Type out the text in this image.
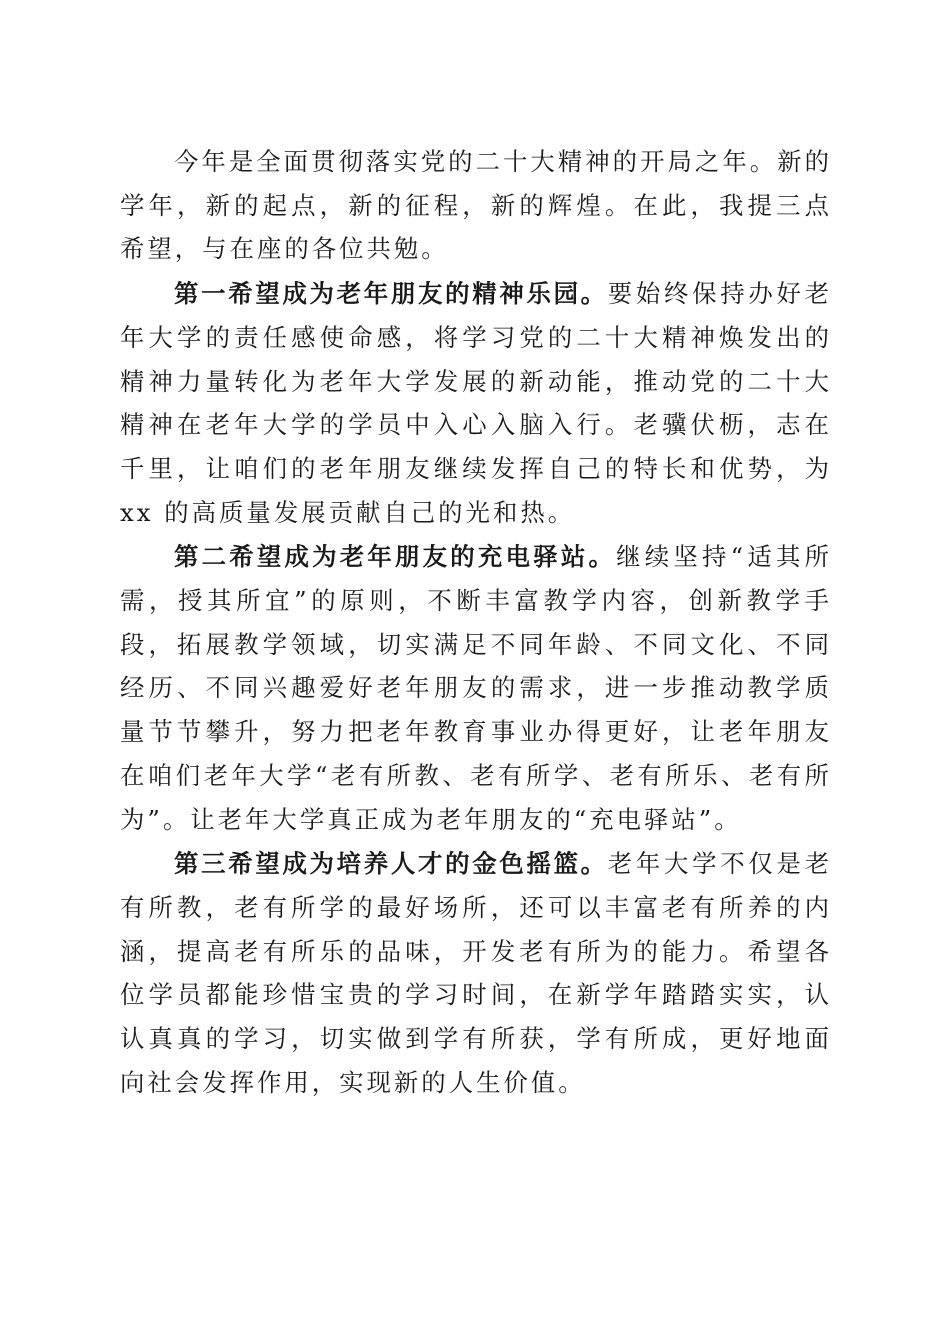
今年是全面贯彻落实党的二十大精神的开局之年。新的学年，新的起点，新的征程，新的辉煌。在此，我提三点希望，与在座的各位共勉。

第一希望成为老年朋友的精神乐园。要始终保持办好老年大学的责任感使命感，将学习党的二十大精神焕发出的精神力量转化为老年大学发展的新动能，推动党的二十大精神在老年大学的学员中入心入脑入行。老骥伏枥，志在千里，让咱们的老年朋友继续发挥自己的特长和优势，为 xx 的高质量发展贡献自己的光和热。

第二希望成为老年朋友的充电驿站。继续坚持“适其所需，授其所宜”的原则，不断丰富教学内容，创新教学手段，拓展教学领域，切实满足不同年龄、不同文化、不同经历、不同兴趣爱好老年朋友的需求，进一步推动教学质量节节攀升，努力把老年教育事业办得更好，让老年朋友在咱们老年大学“老有所教、老有所学、老有所乐、老有所为”。让老年大学真正成为老年朋友的“充电驿站”。

第三希望成为培养人才的金色摇篮。老年大学不仅是老有所教，老有所学的最好场所，还可以丰富老有所养的内涵，提高老有所乐的品味，开发老有所为的能力。希望各位学员都能珍惜宝贵的学习时间，在新学年踏踏实实，认认真真的学习，切实做到学有所获，学有所成，更好地面向社会发挥作用，实现新的人生价值。
